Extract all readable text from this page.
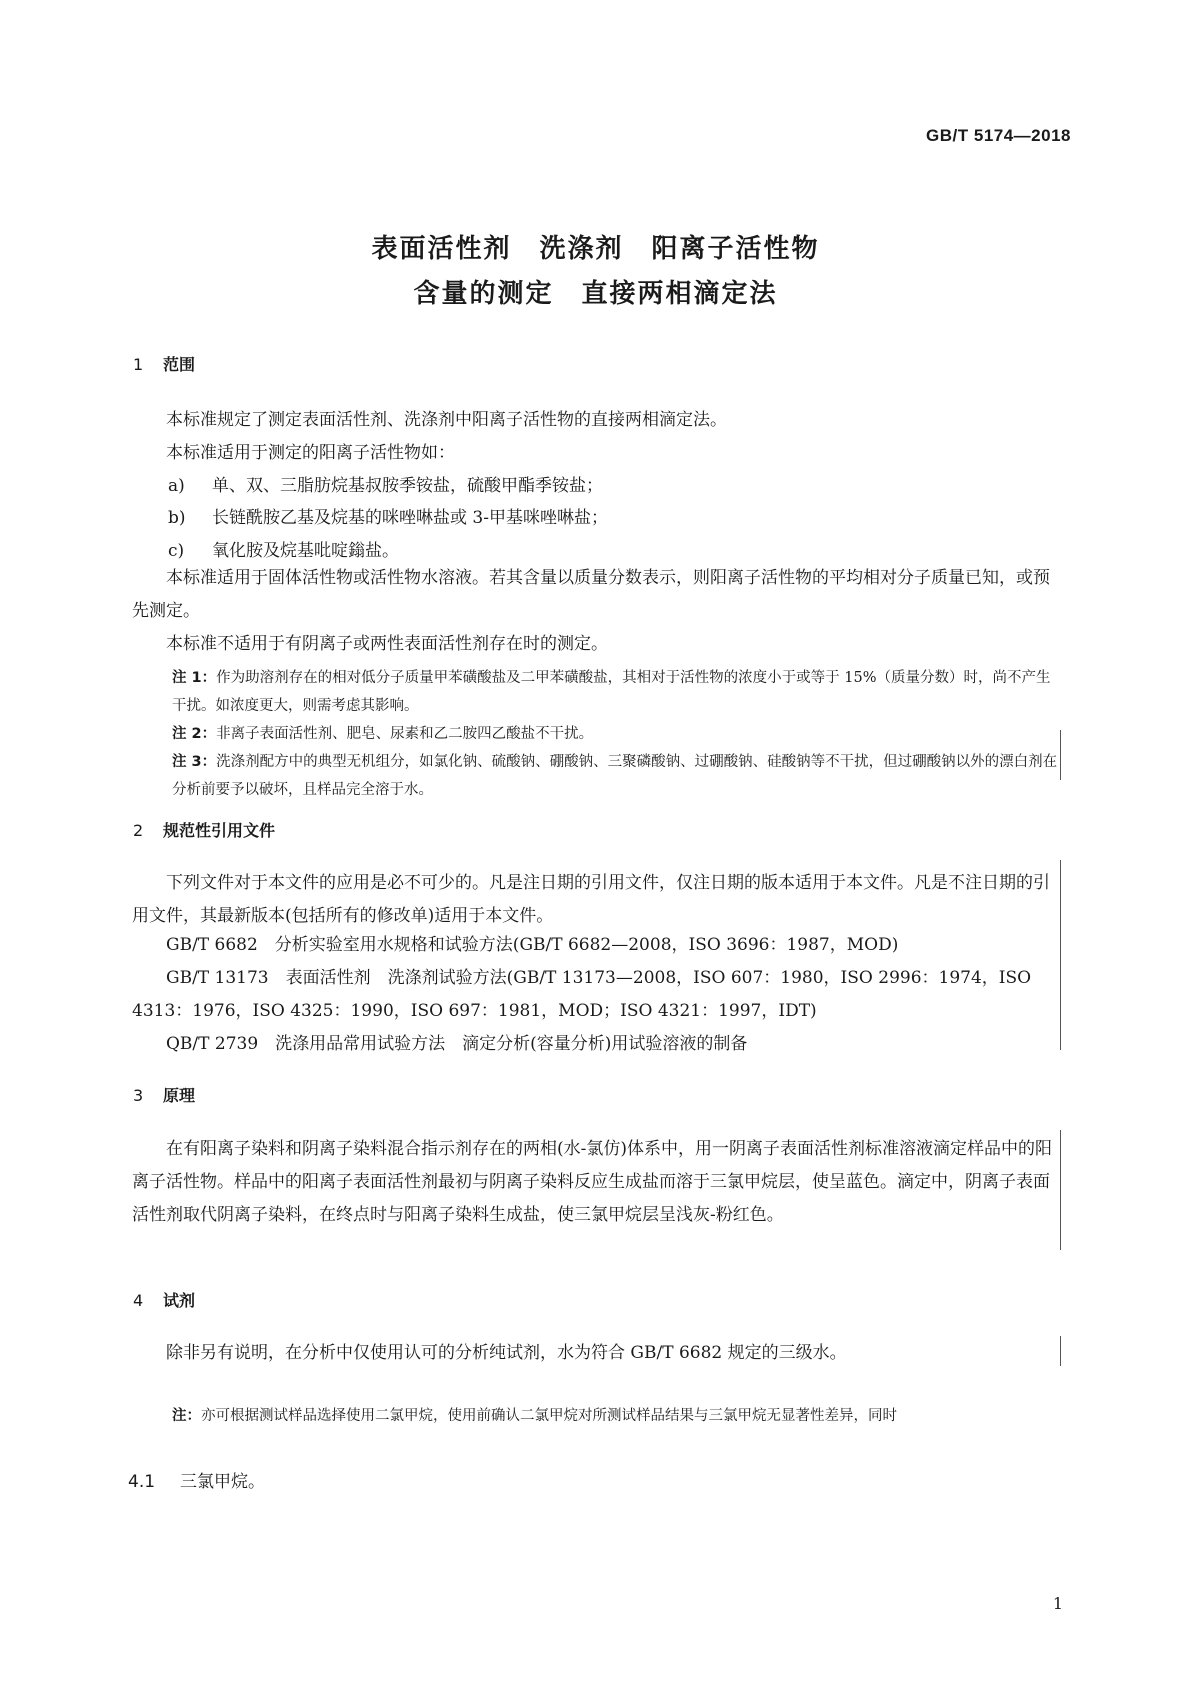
GB/T 5174—2018
表面活性剂　洗涤剂　阳离子活性物
含量的测定　直接两相滴定法
1 范围
本标准规定了测定表面活性剂、洗涤剂中阳离子活性物的直接两相滴定法。
本标准适用于测定的阳离子活性物如：
a) 单、双、三脂肪烷基叔胺季铵盐，硫酸甲酯季铵盐；
b) 长链酰胺乙基及烷基的咪唑啉盐或 3-甲基咪唑啉盐；
c) 氧化胺及烷基吡啶鎓盐。
本标准适用于固体活性物或活性物水溶液。若其含量以质量分数表示，则阳离子活性物的平均相对分子质量已知，或预先测定。
本标准不适用于有阴离子或两性表面活性剂存在时的测定。
注 1：作为助溶剂存在的相对低分子质量甲苯磺酸盐及二甲苯磺酸盐，其相对于活性物的浓度小于或等于 15%（质量分数）时，尚不产生干扰。如浓度更大，则需考虑其影响。
注 2：非离子表面活性剂、肥皂、尿素和乙二胺四乙酸盐不干扰。
注 3：洗涤剂配方中的典型无机组分，如氯化钠、硫酸钠、硼酸钠、三聚磷酸钠、过硼酸钠、硅酸钠等不干扰，但过硼酸钠以外的漂白剂在分析前要予以破坏，且样品完全溶于水。
2 规范性引用文件
下列文件对于本文件的应用是必不可少的。凡是注日期的引用文件，仅注日期的版本适用于本文件。凡是不注日期的引用文件，其最新版本(包括所有的修改单)适用于本文件。
GB/T 6682　分析实验室用水规格和试验方法(GB/T 6682—2008，ISO 3696：1987，MOD)
GB/T 13173　表面活性剂　洗涤剂试验方法(GB/T 13173—2008，ISO 607：1980，ISO 2996：1974，ISO 4313：1976，ISO 4325：1990，ISO 697：1981，MOD；ISO 4321：1997，IDT)
QB/T 2739　洗涤用品常用试验方法　滴定分析(容量分析)用试验溶液的制备
3 原理
在有阳离子染料和阴离子染料混合指示剂存在的两相(水-氯仿)体系中，用一阴离子表面活性剂标准溶液滴定样品中的阳离子活性物。样品中的阳离子表面活性剂最初与阴离子染料反应生成盐而溶于三氯甲烷层，使呈蓝色。滴定中，阴离子表面活性剂取代阴离子染料，在终点时与阳离子染料生成盐，使三氯甲烷层呈浅灰-粉红色。
4 试剂
除非另有说明，在分析中仅使用认可的分析纯试剂，水为符合 GB/T 6682 规定的三级水。
4.1 三氯甲烷。
注：亦可根据测试样品选择使用二氯甲烷，使用前确认二氯甲烷对所测试样品结果与三氯甲烷无显著性差异，同时
1
